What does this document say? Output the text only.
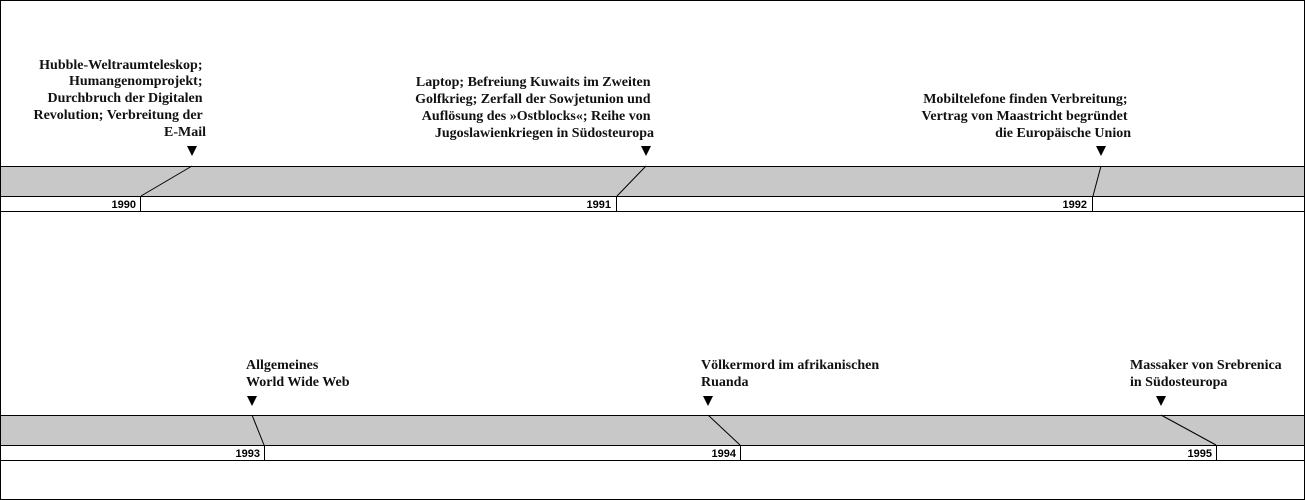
Hubble-Weltraumteleskop; Humangenomprojekt; Durchbruch der Digitalen Revolution; Verbreitung der E-Mail
1990
Laptop; Befreiung Kuwaits im Zweiten Golfkrieg; Zerfall der Sowjetunion und Auflösung des »Ostblocks«; Reihe von Jugoslawienkriegen in Südosteuropa
1991
Mobiltelefone finden Verbreitung; Vertrag von Maastricht begründet die Europäische Union
1992
Allgemeines World Wide Web
1993
Völkermord im afrikanischen Ruanda
1994
Massaker von Srebrenica in Südosteuropa
1995
